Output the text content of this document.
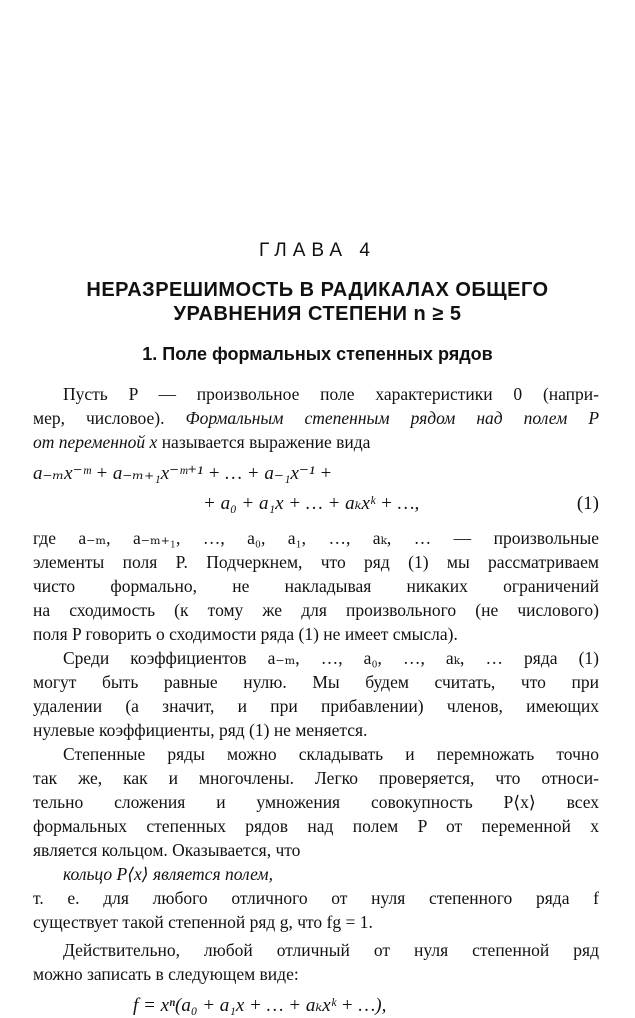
ГЛАВА 4
НЕРАЗРЕШИМОСТЬ В РАДИКАЛАХ ОБЩЕГО
УРАВНЕНИЯ СТЕПЕНИ n ≥ 5
1. Поле формальных степенных рядов
Пусть P — произвольное поле характеристики 0 (напри-
мер, числовое). Формальным степенным рядом над полем P
от переменной x называется выражение вида
a₋ₘx⁻ᵐ + a₋ₘ₊₁x⁻ᵐ⁺¹ + … + a₋₁x⁻¹ +
+ a₀ + a₁x + … + aₖxᵏ + …,	(1)
где a₋ₘ, a₋ₘ₊₁, …, a₀, a₁, …, aₖ, … — произвольные
элементы поля P. Подчеркнем, что ряд (1) мы рассматриваем
чисто формально, не накладывая никаких ограничений
на сходимость (к тому же для произвольного (не числового)
поля P говорить о сходимости ряда (1) не имеет смысла).
Среди коэффициентов a₋ₘ, …, a₀, …, aₖ, … ряда (1)
могут быть равные нулю. Мы будем считать, что при
удалении (а значит, и при прибавлении) членов, имеющих
нулевые коэффициенты, ряд (1) не меняется.
Степенные ряды можно складывать и перемножать точно
так же, как и многочлены. Легко проверяется, что относи-
тельно сложения и умножения совокупность P⟨x⟩ всех
формальных степенных рядов над полем P от переменной x
является кольцом. Оказывается, что
кольцо P⟨x⟩ является полем,
т. е. для любого отличного от нуля степенного ряда f
существует такой степенной ряд g, что fg = 1.
Действительно, любой отличный от нуля степенной ряд
можно записать в следующем виде:
f = xⁿ(a₀ + a₁x + … + aₖxᵏ + …),
